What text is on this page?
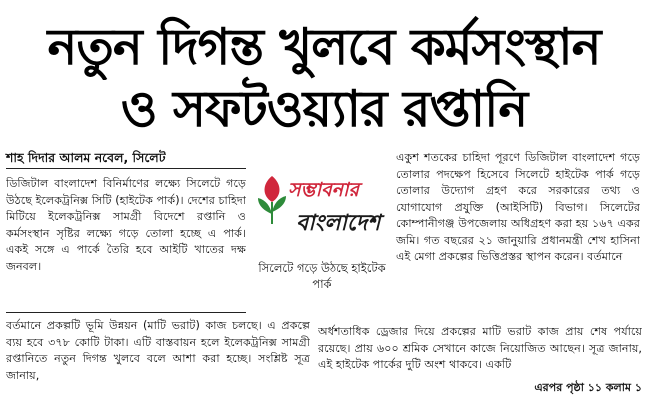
নতুন দিগন্ত খুলবে কর্মসংস্থান
ও সফটওয়্যার রপ্তানি
শাহ দিদার আলম নবেল, সিলেট

ডিজিটাল বাংলাদেশ বিনির্মাণের লক্ষ্যে সিলেটে গড়ে উঠছে ইলেকট্রনিক্স সিটি (হাইটেক পার্ক)। দেশের চাহিদা মিটিয়ে ইলেকট্রনিক্স সামগ্রী বিদেশে রপ্তানি ও কর্মসংস্থান সৃষ্টির লক্ষ্যে গড়ে তোলা হচ্ছে এ পার্ক। একই সঙ্গে এ পার্কে তৈরি হবে আইটি খাতের দক্ষ জনবল।

সম্ভাবনার
বাংলাদেশ
সিলেটে গড়ে উঠছে হাইটেক পার্ক

একুশ শতকের চাহিদা পূরণে ডিজিটাল বাংলাদেশ গড়ে তোলার পদক্ষেপ হিসেবে সিলেটে হাইটেক পার্ক গড়ে তোলার উদ্যোগ গ্রহণ করে সরকারের তথ্য ও যোগাযোগ প্রযুক্তি (আইসিটি) বিভাগ। সিলেটের কোম্পানীগঞ্জ উপজেলায় অধিগ্রহণ করা হয় ১৬৭ একর জমি। গত বছরের ২১ জানুয়ারি প্রধানমন্ত্রী শেখ হাসিনা এই মেগা প্রকল্পের ভিত্তিপ্রস্তর স্থাপন করেন। বর্তমানে

বর্তমানে প্রকল্পটি ভূমি উন্নয়ন (মাটি ভরাট) কাজ চলছে। এ প্রকল্পে ব্যয় হবে ৩৭৮ কোটি টাকা। এটি বাস্তবায়ন হলে ইলেকট্রনিক্স সামগ্রী রপ্তানিতে নতুন দিগন্ত খুলবে বলে আশা করা হচ্ছে। সংশ্লিষ্ট সূত্র জানায়,

অর্ধশতাধিক ড্রেজার দিয়ে প্রকল্পের মাটি ভরাট কাজ প্রায় শেষ পর্যায়ে রয়েছে। প্রায় ৬০০ শ্রমিক সেখানে কাজে নিয়োজিত আছেন। সূত্র জানায়, এই হাইটেক পার্কের দুটি অংশ থাকবে। একটি

এরপর পৃষ্ঠা ১১ কলাম ১
